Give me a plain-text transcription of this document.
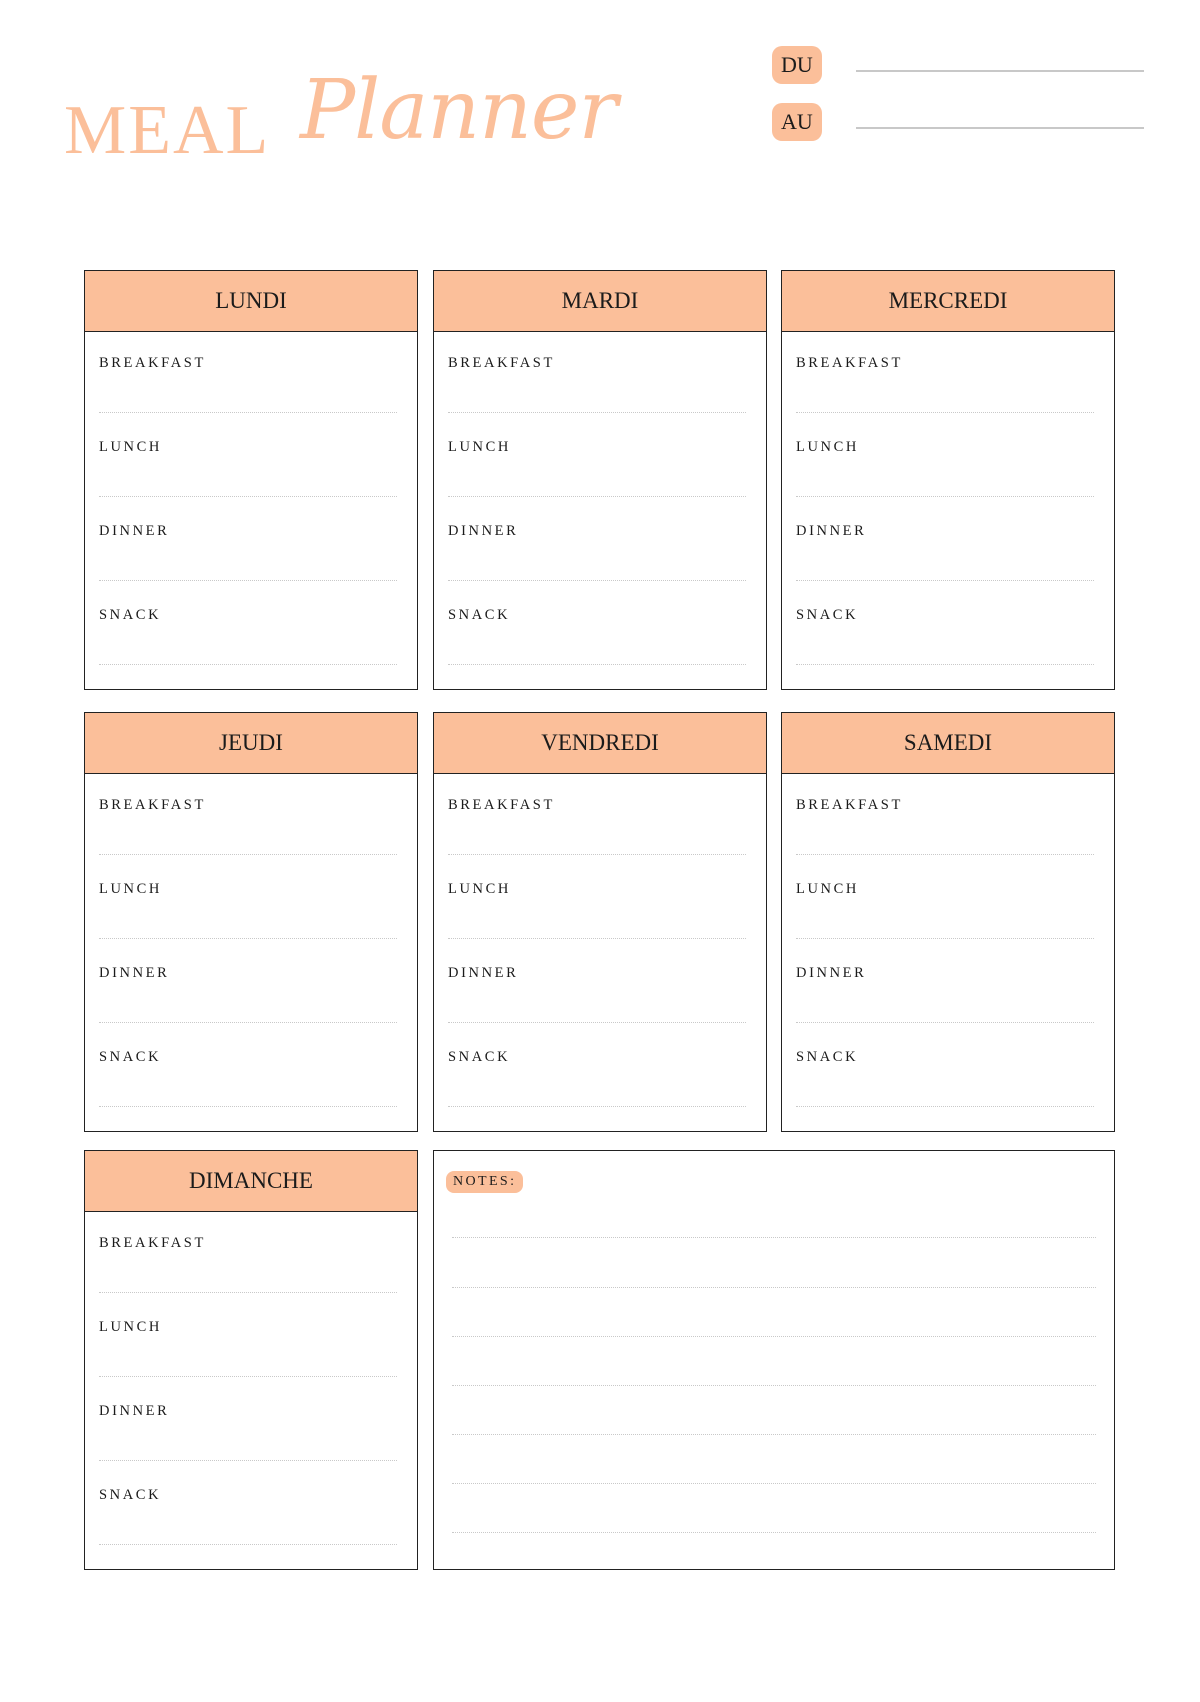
MEAL Planner	DU
AU
LUNDI
BREAKFAST
LUNCH
DINNER
SNACK
MARDI
BREAKFAST
LUNCH
DINNER
SNACK
MERCREDI
BREAKFAST
LUNCH
DINNER
SNACK
JEUDI
BREAKFAST
LUNCH
DINNER
SNACK
VENDREDI
BREAKFAST
LUNCH
DINNER
SNACK
SAMEDI
BREAKFAST
LUNCH
DINNER
SNACK
DIMANCHE
BREAKFAST
LUNCH
DINNER
SNACK
NOTES:
